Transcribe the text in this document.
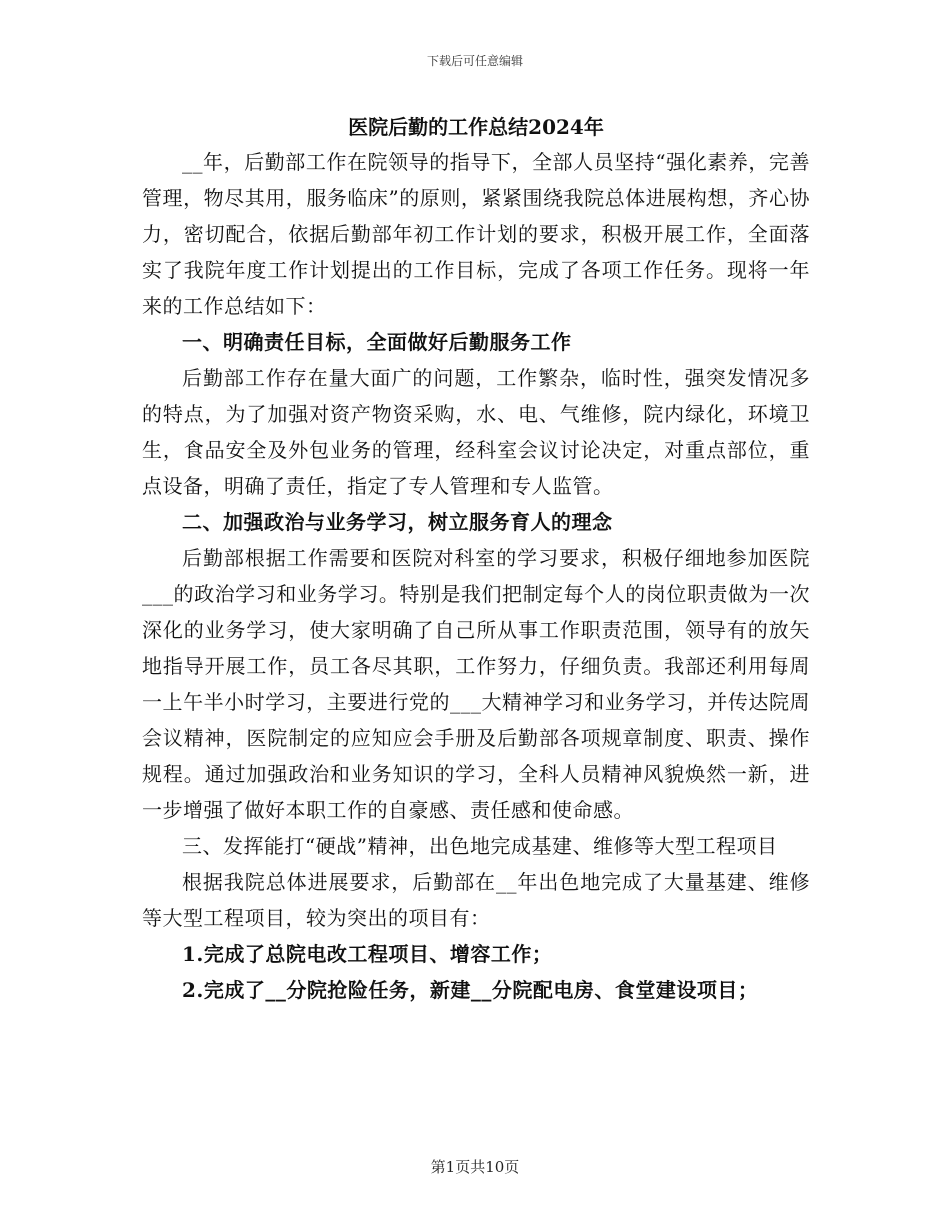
下载后可任意编辑
医院后勤的工作总结2024年

__年，后勤部工作在院领导的指导下，全部人员坚持“强化素养，完善管理，物尽其用，服务临床”的原则，紧紧围绕我院总体进展构想，齐心协力，密切配合，依据后勤部年初工作计划的要求，积极开展工作，全面落实了我院年度工作计划提出的工作目标，完成了各项工作任务。现将一年来的工作总结如下：

一、明确责任目标，全面做好后勤服务工作

后勤部工作存在量大面广的问题，工作繁杂，临时性，强突发情况多的特点，为了加强对资产物资采购，水、电、气维修，院内绿化，环境卫生，食品安全及外包业务的管理，经科室会议讨论决定，对重点部位，重点设备，明确了责任，指定了专人管理和专人监管。

二、加强政治与业务学习，树立服务育人的理念

后勤部根据工作需要和医院对科室的学习要求，积极仔细地参加医院___的政治学习和业务学习。特别是我们把制定每个人的岗位职责做为一次深化的业务学习，使大家明确了自己所从事工作职责范围，领导有的放矢地指导开展工作，员工各尽其职，工作努力，仔细负责。我部还利用每周一上午半小时学习，主要进行党的___大精神学习和业务学习，并传达院周会议精神，医院制定的应知应会手册及后勤部各项规章制度、职责、操作规程。通过加强政治和业务知识的学习，全科人员精神风貌焕然一新，进一步增强了做好本职工作的自豪感、责任感和使命感。

三、发挥能打“硬战”精神，出色地完成基建、维修等大型工程项目

根据我院总体进展要求，后勤部在__年出色地完成了大量基建、维修等大型工程项目，较为突出的项目有：

1.完成了总院电改工程项目、增容工作；

2.完成了__分院抢险任务，新建__分院配电房、食堂建设项目；

第1页共10页
